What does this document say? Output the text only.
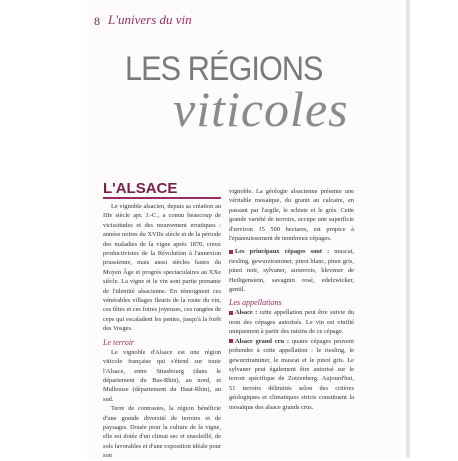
8 L'univers du vin
LES RÉGIONS
viticoles
L'ALSACE

Le vignoble alsacien, depuis sa création au IIIe siècle apr. J.-C., a connu beaucoup de vicissitudes et des mouvement erratiques : années noires du XVIIe siècle et de la période des maladies de la vigne après 1870, creux productivistes de la Révolution à l'annexion prussienne, mais aussi siècles fastes du Moyen Âge et progrès spectaculaires au XXe siècle. La vigne et le vin sont partie prenante de l'identité alsacienne. En témoignent ces vénérables villages fleuris de la route du vin, ces fêtes et ces foires joyeuses, ces rangées de ceps qui escaladent les pentes, jusqu'à la forêt des Vosges.

Le terroir

Le vignoble d'Alsace est une région viticole française qui s'étend sur toute l'Alsace, entre Strasbourg (dans le département du Bas-Rhin), au nord, et Mulhouse (département du Haut-Rhin), au sud.

Terre de contrastes, la région bénéficie d'une grande diversité de terroirs et de paysages. Douée pour la culture de la vigne, elle est dotée d'un climat sec et ensoleillé, de sols favorables et d'une exposition idéale pour son

vignoble. La géologie alsacienne présente une véritable mosaïque, du granit au calcaire, en passant par l'argile, le schiste et le grès. Cette grande variété de terroirs, occupe une superficie d'environ 15 500 hectares, est propice à l'épanouissement de nombreux cépages.

Les principaux cépages sont : muscat, riesling, gewurztraminer, pinot blanc, pinot gris, pinot noir, sylvaner, auxerrois, klevener de Heiligenstein, savagnin rosé, edelzwicker, gentil.

Les appellations

Alsace : cette appellation peut être suivie du nom des cépages autorisés. Le vin est vinifié uniquement à partir des raisins de ce cépage.

Alsace grand cru : quatre cépages peuvent prétendre à cette appellation : le riesling, le gewurztraminer, le muscat et le pinot gris. Le sylvaner peut également être autorisé sur le terroir spécifique de Zotzenberg. Aujourd'hui, 51 terroirs délimités selon des critères géologiques et climatiques stricts constituent la mosaïque des alsace grands crus.
